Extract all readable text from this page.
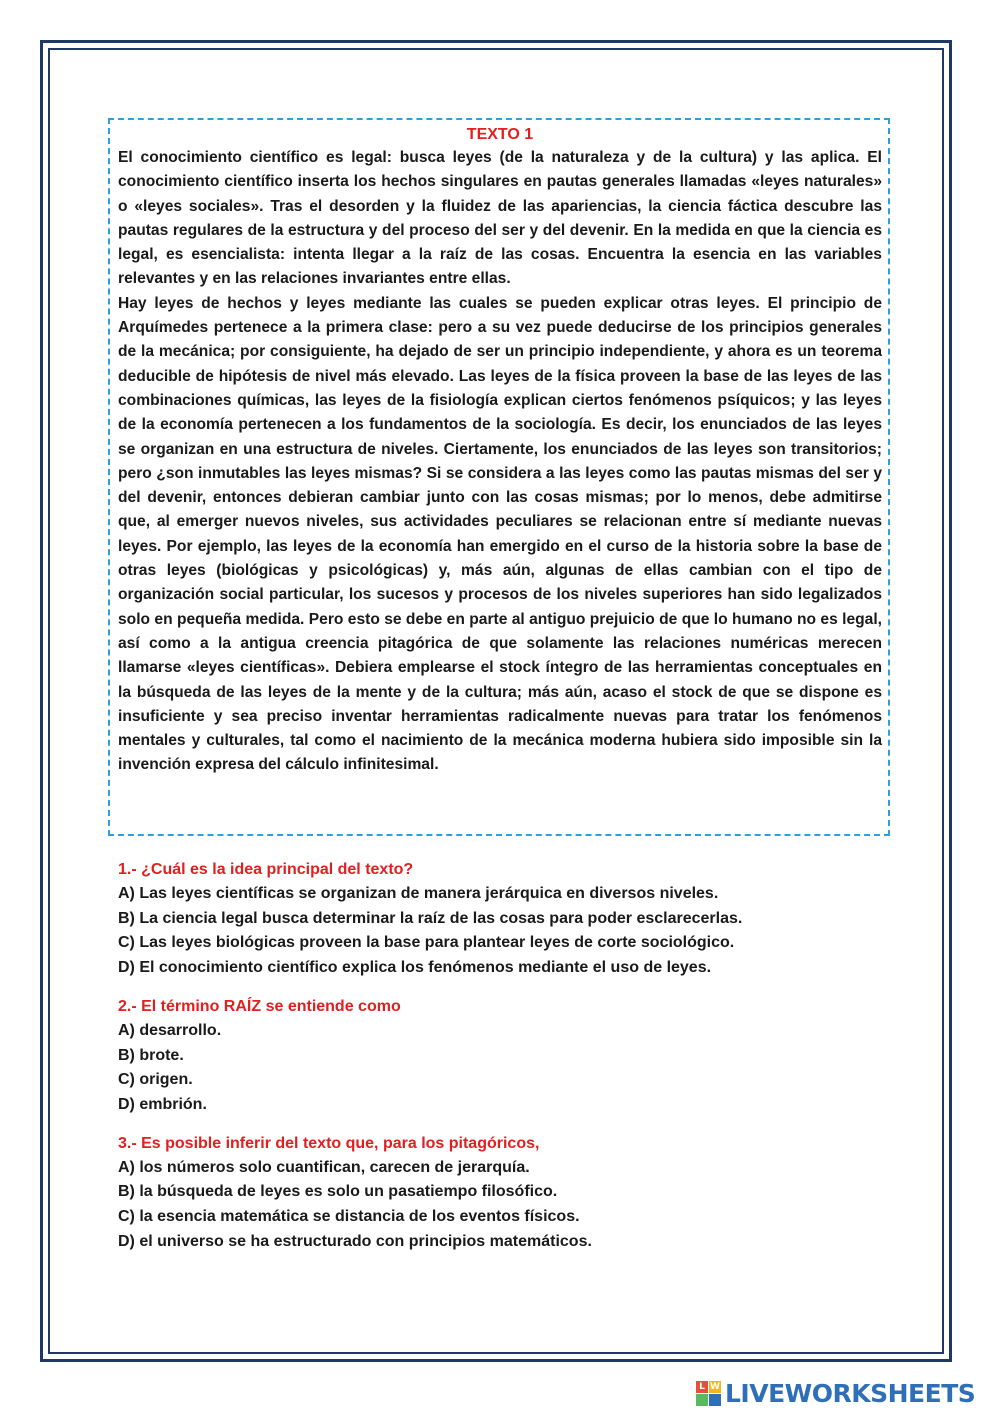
TEXTO 1

El conocimiento científico es legal: busca leyes (de la naturaleza y de la cultura) y las aplica. El conocimiento científico inserta los hechos singulares en pautas generales llamadas «leyes naturales» o «leyes sociales». Tras el desorden y la fluidez de las apariencias, la ciencia fáctica descubre las pautas regulares de la estructura y del proceso del ser y del devenir. En la medida en que la ciencia es legal, es esencialista: intenta llegar a la raíz de las cosas. Encuentra la esencia en las variables relevantes y en las relaciones invariantes entre ellas.

Hay leyes de hechos y leyes mediante las cuales se pueden explicar otras leyes. El principio de Arquímedes pertenece a la primera clase: pero a su vez puede deducirse de los principios generales de la mecánica; por consiguiente, ha dejado de ser un principio independiente, y ahora es un teorema deducible de hipótesis de nivel más elevado. Las leyes de la física proveen la base de las leyes de las combinaciones químicas, las leyes de la fisiología explican ciertos fenómenos psíquicos; y las leyes de la economía pertenecen a los fundamentos de la sociología. Es decir, los enunciados de las leyes se organizan en una estructura de niveles. Ciertamente, los enunciados de las leyes son transitorios; pero ¿son inmutables las leyes mismas? Si se considera a las leyes como las pautas mismas del ser y del devenir, entonces debieran cambiar junto con las cosas mismas; por lo menos, debe admitirse que, al emerger nuevos niveles, sus actividades peculiares se relacionan entre sí mediante nuevas leyes. Por ejemplo, las leyes de la economía han emergido en el curso de la historia sobre la base de otras leyes (biológicas y psicológicas) y, más aún, algunas de ellas cambian con el tipo de organización social particular, los sucesos y procesos de los niveles superiores han sido legalizados solo en pequeña medida. Pero esto se debe en parte al antiguo prejuicio de que lo humano no es legal, así como a la antigua creencia pitagórica de que solamente las relaciones numéricas merecen llamarse «leyes científicas». Debiera emplearse el stock íntegro de las herramientas conceptuales en la búsqueda de las leyes de la mente y de la cultura; más aún, acaso el stock de que se dispone es insuficiente y sea preciso inventar herramientas radicalmente nuevas para tratar los fenómenos mentales y culturales, tal como el nacimiento de la mecánica moderna hubiera sido imposible sin la invención expresa del cálculo infinitesimal.

1.- ¿Cuál es la idea principal del texto?

A) Las leyes científicas se organizan de manera jerárquica en diversos niveles.

B) La ciencia legal busca determinar la raíz de las cosas para poder esclarecerlas.

C) Las leyes biológicas proveen la base para plantear leyes de corte sociológico.

D) El conocimiento científico explica los fenómenos mediante el uso de leyes.

2.- El término RAÍZ se entiende como

A) desarrollo.

B) brote.

C) origen.

D) embrión.

3.- Es posible inferir del texto que, para los pitagóricos,

A) los números solo cuantifican, carecen de jerarquía.

B) la búsqueda de leyes es solo un pasatiempo filosófico.

C) la esencia matemática se distancia de los eventos físicos.

D) el universo se ha estructurado con principios matemáticos.

L W LIVEWORKSHEETS
